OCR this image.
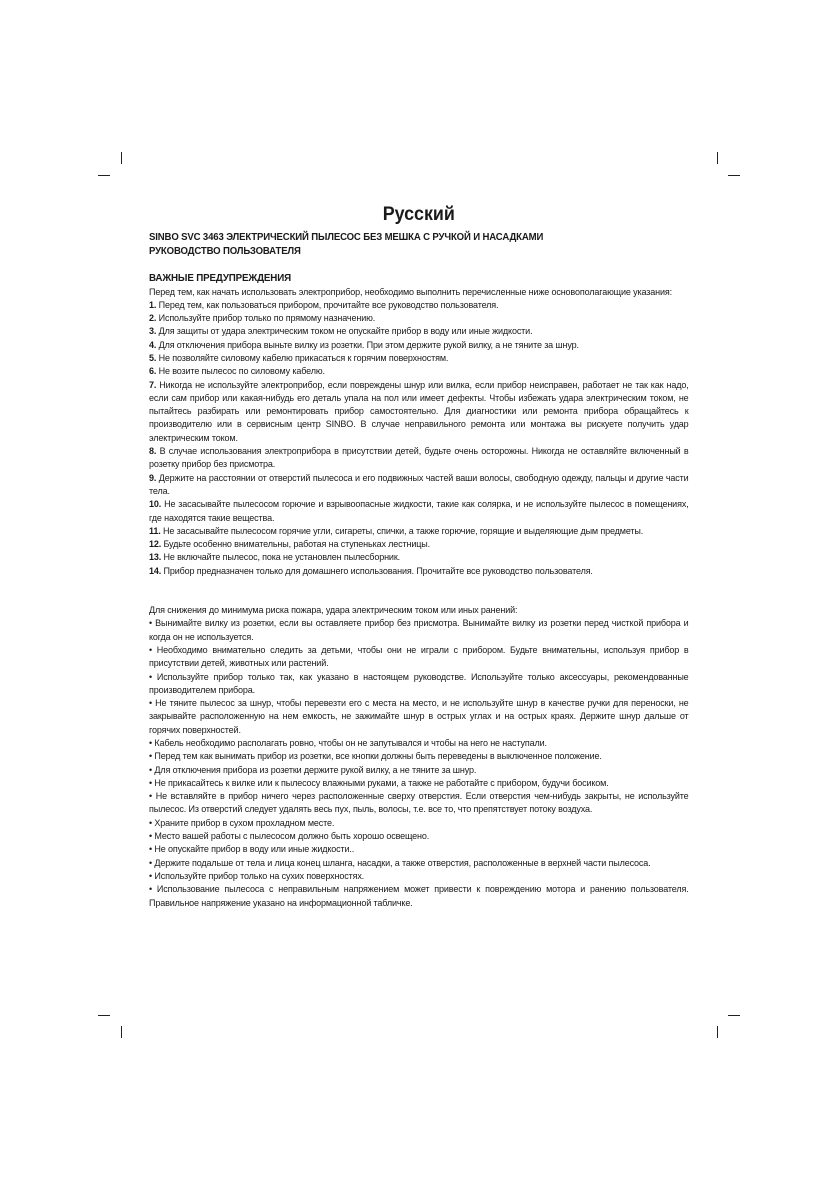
Русский
SINBO SVC 3463 ЭЛЕКТРИЧЕСКИЙ ПЫЛЕСОС БЕЗ МЕШКА С РУЧКОЙ И НАСАДКАМИ
РУКОВОДСТВО ПОЛЬЗОВАТЕЛЯ
ВАЖНЫЕ ПРЕДУПРЕЖДЕНИЯ

Перед тем, как начать использовать электроприбор, необходимо выполнить перечисленные ниже основополагающие указания:

1. Перед тем, как пользоваться прибором, прочитайте все руководство пользователя.

2. Используйте прибор только по прямому назначению.

3. Для защиты от удара электрическим током не опускайте прибор в воду или иные жидкости.

4. Для отключения прибора выньте вилку из розетки. При этом держите рукой вилку, а не тяните за шнур.

5. Не позволяйте силовому кабелю прикасаться к горячим поверхностям.

6. Не возите пылесос по силовому кабелю.

7. Никогда не используйте электроприбор, если повреждены шнур или вилка, если прибор неисправен, работает не так как надо, если сам прибор или какая-нибудь его деталь упала на пол или имеет дефекты. Чтобы избежать удара электрическим током, не пытайтесь разбирать или ремонтировать прибор самостоятельно. Для диагностики или ремонта прибора обращайтесь к производителю или в сервисным центр SINBO. В случае неправильного ремонта или монтажа вы рискуете получить удар электрическим током.

8. В случае использования электроприбора в присутствии детей, будьте очень осторожны. Никогда не оставляйте включенный в розетку прибор без присмотра.

9. Держите на расстоянии от отверстий пылесоса и его подвижных частей ваши волосы, свободную одежду, пальцы и другие части тела.

10. Не засасывайте пылесосом горючие и взрывоопасные жидкости, такие как солярка, и не используйте пылесос в помещениях, где находятся такие вещества.

11. Не засасывайте пылесосом горячие угли, сигареты, спички, а также горючие, горящие и выделяющие дым предметы.

12. Будьте особенно внимательны, работая на ступеньках лестницы.

13. Не включайте пылесос, пока не установлен пылесборник.

14. Прибор предназначен только для домашнего использования. Прочитайте все руководство пользователя.

Для снижения до минимума риска пожара, удара электрическим током или иных ранений:

• Вынимайте вилку из розетки, если вы оставляете прибор без присмотра. Вынимайте вилку из розетки перед чисткой прибора и когда он не используется.

• Необходимо внимательно следить за детьми, чтобы они не играли с прибором. Будьте внимательны, используя прибор в присутствии детей, животных или растений.

• Используйте прибор только так, как указано в настоящем руководстве. Используйте только аксессуары, рекомендованные производителем прибора.

• Не тяните пылесос за шнур, чтобы перевезти его с места на место, и не используйте шнур в качестве ручки для переноски, не закрывайте расположенную на нем емкость, не зажимайте шнур в острых углах и на острых краях. Держите шнур дальше от горячих поверхностей.

• Кабель необходимо располагать ровно, чтобы он не запутывался и чтобы на него не наступали.

• Перед тем как вынимать прибор из розетки, все кнопки должны быть переведены в выключенное положение.

• Для отключения прибора из розетки держите рукой вилку, а не тяните за шнур.

• Не прикасайтесь к вилке или к пылесосу влажными руками, а также не работайте с прибором, будучи босиком.

• Не вставляйте в прибор ничего через расположенные сверху отверстия. Если отверстия чем-нибудь закрыты, не используйте пылесос. Из отверстий следует удалять весь пух, пыль, волосы, т.е. все то, что препятствует потоку воздуха.

• Храните прибор в сухом прохладном месте.

• Место вашей работы с пылесосом должно быть хорошо освещено.

• Не опускайте прибор в воду или иные жидкости..

• Держите подальше от тела и лица конец шланга, насадки, а также отверстия, расположенные в верхней части пылесоса.

• Используйте прибор только на сухих поверхностях.

• Использование пылесоса с неправильным напряжением может привести к повреждению мотора и ранению пользователя. Правильное напряжение указано на информационной табличке.
